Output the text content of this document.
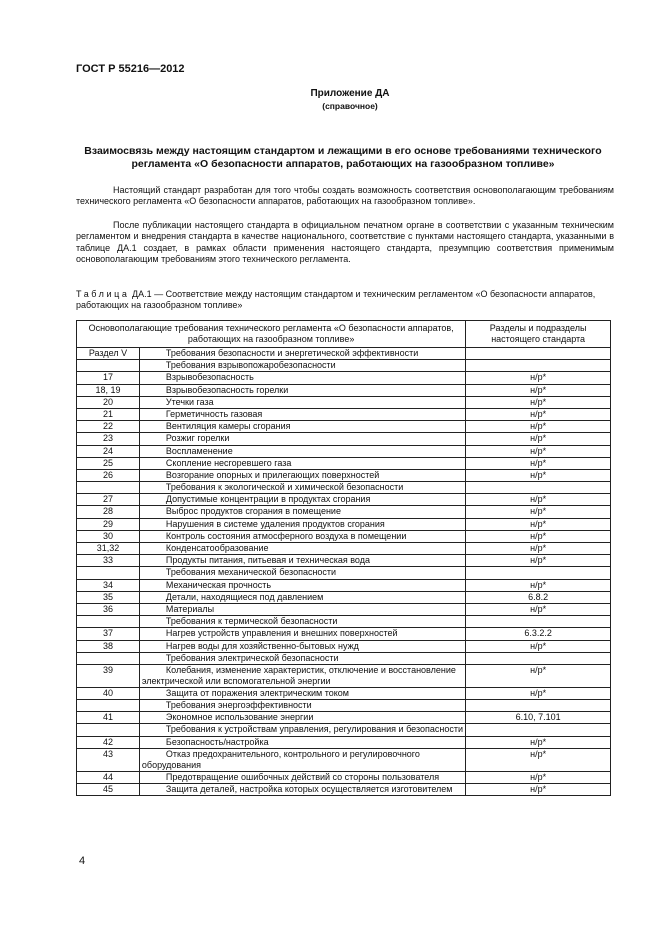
ГОСТ Р 55216—2012
Приложение ДА
(справочное)
Взаимосвязь между настоящим стандартом и лежащими в его основе требованиями технического регламента «О безопасности аппаратов, работающих на газообразном топливе»

Настоящий стандарт разработан для того чтобы создать возможность соответствия основополагающим требованиям технического регламента «О безопасности аппаратов, работающих на газообразном топливе».

После публикации настоящего стандарта в официальном печатном органе в соответствии с указанным техническим регламентом и внедрения стандарта в качестве национального, соответствие с пунктами настоящего стандарта, указанными в таблице ДА.1 создает, в рамках области применения настоящего стандарта, презумпцию соответствия применимым основополагающим требованиям этого технического регламента.

Таблица ДА.1 — Соответствие между настоящим стандартом и техническим регламентом «О безопасности аппаратов, работающих на газообразном топливе»

Основополагающие требования технического регламента «О безопасности аппаратов, работающих на газообразном топливе»		Разделы и подразделы настоящего стандарта
Раздел V	Требования безопасности и энергетической эффективности	
	Требования взрывопожаробезопасности	
17	Взрывобезопасность	н/р*
18, 19	Взрывобезопасность горелки	н/р*
20	Утечки газа	н/р*
21	Герметичность газовая	н/р*
22	Вентиляция камеры сгорания	н/р*
23	Розжиг горелки	н/р*
24	Воспламенение	н/р*
25	Скопление несгоревшего газа	н/р*
26	Возгорание опорных и прилегающих поверхностей	н/р*
	Требования к экологической и химической безопасности	
27	Допустимые концентрации в продуктах сгорания	н/р*
28	Выброс продуктов сгорания в помещение	н/р*
29	Нарушения в системе удаления продуктов сгорания	н/р*
30	Контроль состояния атмосферного воздуха в помещении	н/р*
31,32	Конденсатообразование	н/р*
33	Продукты питания, питьевая и техническая вода	н/р*
	Требования механической безопасности	
34	Механическая прочность	н/р*
35	Детали, находящиеся под давлением	6.8.2
36	Материалы	н/р*
	Требования к термической безопасности	
37	Нагрев устройств управления и внешних поверхностей	6.3.2.2
38	Нагрев воды для хозяйственно-бытовых нужд	н/р*
	Требования электрической безопасности	
39	Колебания, изменение характеристик, отключение и восстановление электрической или вспомогательной энергии	н/р*
40	Защита от поражения электрическим током	н/р*
	Требования энергоэффективности	
41	Экономное использование энергии	6.10, 7.101
	Требования к устройствам управления, регулирования и безопасности	
42	Безопасность/настройка	н/р*
43	Отказ предохранительного, контрольного и регулировочного оборудования	н/р*
44	Предотвращение ошибочных действий со стороны пользователя	н/р*
45	Защита деталей, настройка которых осуществляется изготовителем	н/р*
4
